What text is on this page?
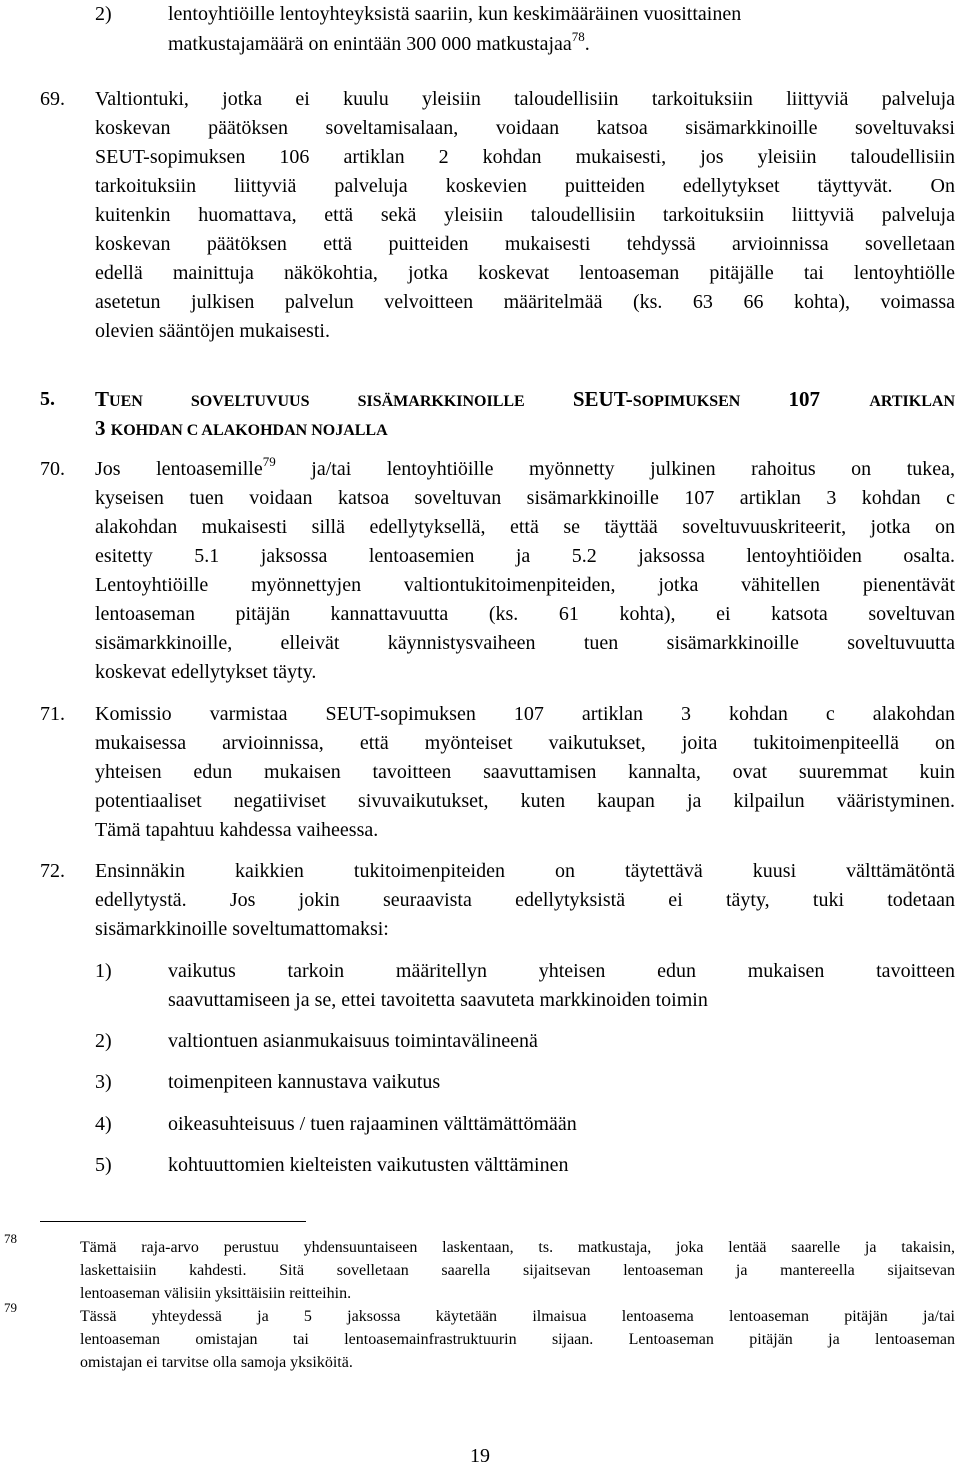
2)	lentoyhtiöille lentoyhteyksistä saariin, kun keskimääräinen vuosittainen
matkustajamäärä on enintään 300 000 matkustajaa$^{78}$.
69. Valtiontuki, jotka ei kuulu yleisiin taloudellisiin tarkoituksiin liittyviä palveluja
koskevan päätöksen soveltamisalaan, voidaan katsoa sisämarkkinoille soveltuvaksi
SEUT-sopimuksen 106 artiklan 2 kohdan mukaisesti, jos yleisiin taloudellisiin
tarkoituksiin liittyviä palveluja koskevien puitteiden edellytykset täyttyvät. On
kuitenkin huomattava, että sekä yleisiin taloudellisiin tarkoituksiin liittyviä palveluja
koskevan päätöksen että puitteiden mukaisesti tehdyssä arvioinnissa sovelletaan
edellä mainittuja näkökohtia, jotka koskevat lentoaseman pitäjälle tai lentoyhtiölle
asetetun julkisen palvelun velvoitteen määritelmää (ks. 63 66 kohta), voimassa
olevien sääntöjen mukaisesti.
5. TUEN SOVELTUVUUS SISÄMARKKINOILLE SEUT-SOPIMUKSEN 107 ARTIKLAN
3 KOHDAN C ALAKOHDAN NOJALLA
70. Jos lentoasemille$^{79}$ ja/tai lentoyhtiöille myönnetty julkinen rahoitus on tukea,
kyseisen tuen voidaan katsoa soveltuvan sisämarkkinoille 107 artiklan 3 kohdan c
alakohdan mukaisesti sillä edellytyksellä, että se täyttää soveltuvuuskriteerit, jotka on
esitetty 5.1 jaksossa lentoasemien ja 5.2 jaksossa lentoyhtiöiden osalta.
Lentoyhtiöille myönnettyjen valtiontukitoimenpiteiden, jotka vähitellen pienentävät
lentoaseman pitäjän kannattavuutta (ks. 61 kohta), ei katsota soveltuvan
sisämarkkinoille, elleivät käynnistysvaiheen tuen sisämarkkinoille soveltuvuutta
koskevat edellytykset täyty.
71. Komissio varmistaa SEUT-sopimuksen 107 artiklan 3 kohdan c alakohdan
mukaisessa arvioinnissa, että myönteiset vaikutukset, joita tukitoimenpiteellä on
yhteisen edun mukaisen tavoitteen saavuttamisen kannalta, ovat suuremmat kuin
potentiaaliset negatiiviset sivuvaikutukset, kuten kaupan ja kilpailun vääristyminen.
Tämä tapahtuu kahdessa vaiheessa.
72. Ensinnäkin kaikkien tukitoimenpiteiden on täytettävä kuusi välttämätöntä
edellytystä. Jos jokin seuraavista edellytyksistä ei täyty, tuki todetaan
sisämarkkinoille soveltumattomaksi:
1)	vaikutus tarkoin määritellyn yhteisen edun mukaisen tavoitteen
saavuttamiseen ja se, ettei tavoitetta saavuteta markkinoiden toimin
2)	valtiontuen asianmukaisuus toimintavälineenä
3)	toimenpiteen kannustava vaikutus
4)	oikeasuhteisuus / tuen rajaaminen välttämättömään
5)	kohtuuttomien kielteisten vaikutusten välttäminen
78
Tämä raja-arvo perustuu yhdensuuntaiseen laskentaan, ts. matkustaja, joka lentää saarelle ja takaisin,
laskettaisiin kahdesti. Sitä sovelletaan saarella sijaitsevan lentoaseman ja mantereella sijaitsevan
lentoaseman välisiin yksittäisiin reitteihin.
79
Tässä yhteydessä ja 5 jaksossa käytetään ilmaisua lentoasema lentoaseman pitäjän ja/tai
lentoaseman omistajan tai lentoasemainfrastruktuurin sijaan. Lentoaseman pitäjän ja lentoaseman
omistajan ei tarvitse olla samoja yksiköitä.
19
